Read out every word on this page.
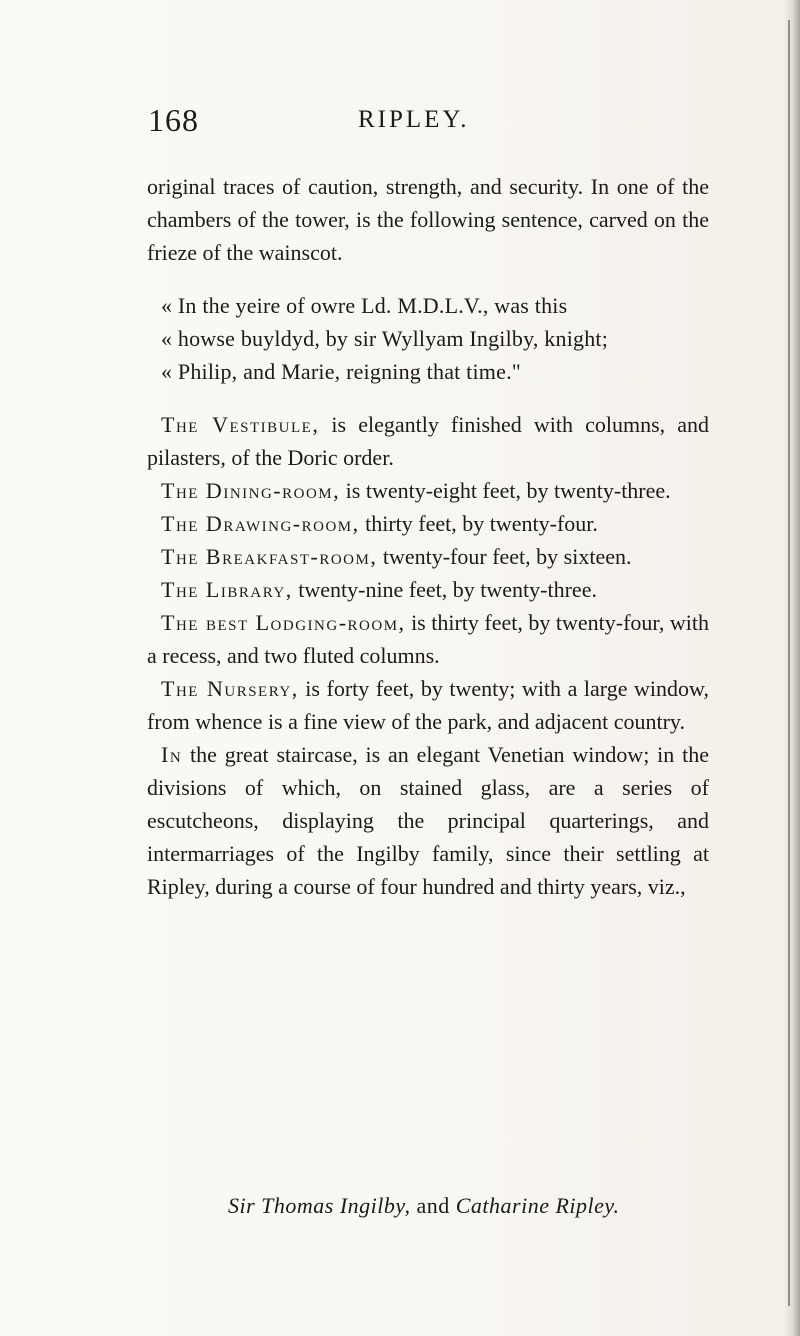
168	RIPLEY.

original traces of caution, strength, and security. In one of the chambers of the tower, is the following sentence, carved on the frieze of the wainscot.

« In the yeire of owre Ld. M.D.L.V., was this

« howse buyldyd, by sir Wyllyam Ingilby, knight;

« Philip, and Marie, reigning that time."

The Vestibule, is elegantly finished with columns, and pilasters, of the Doric order.

The Dining-room, is twenty-eight feet, by twenty-three.

The Drawing-room, thirty feet, by twenty-four.

The Breakfast-room, twenty-four feet, by sixteen.

The Library, twenty-nine feet, by twenty-three.

The best Lodging-room, is thirty feet, by twenty-four, with a recess, and two fluted columns.

The Nursery, is forty feet, by twenty; with a large window, from whence is a fine view of the park, and adjacent country.

In the great staircase, is an elegant Venetian window; in the divisions of which, on stained glass, are a series of escutcheons, displaying the principal quarterings, and intermarriages of the Ingilby family, since their settling at Ripley, during a course of four hundred and thirty years, viz.,

Sir Thomas Ingilby, and Catharine Ripley.
